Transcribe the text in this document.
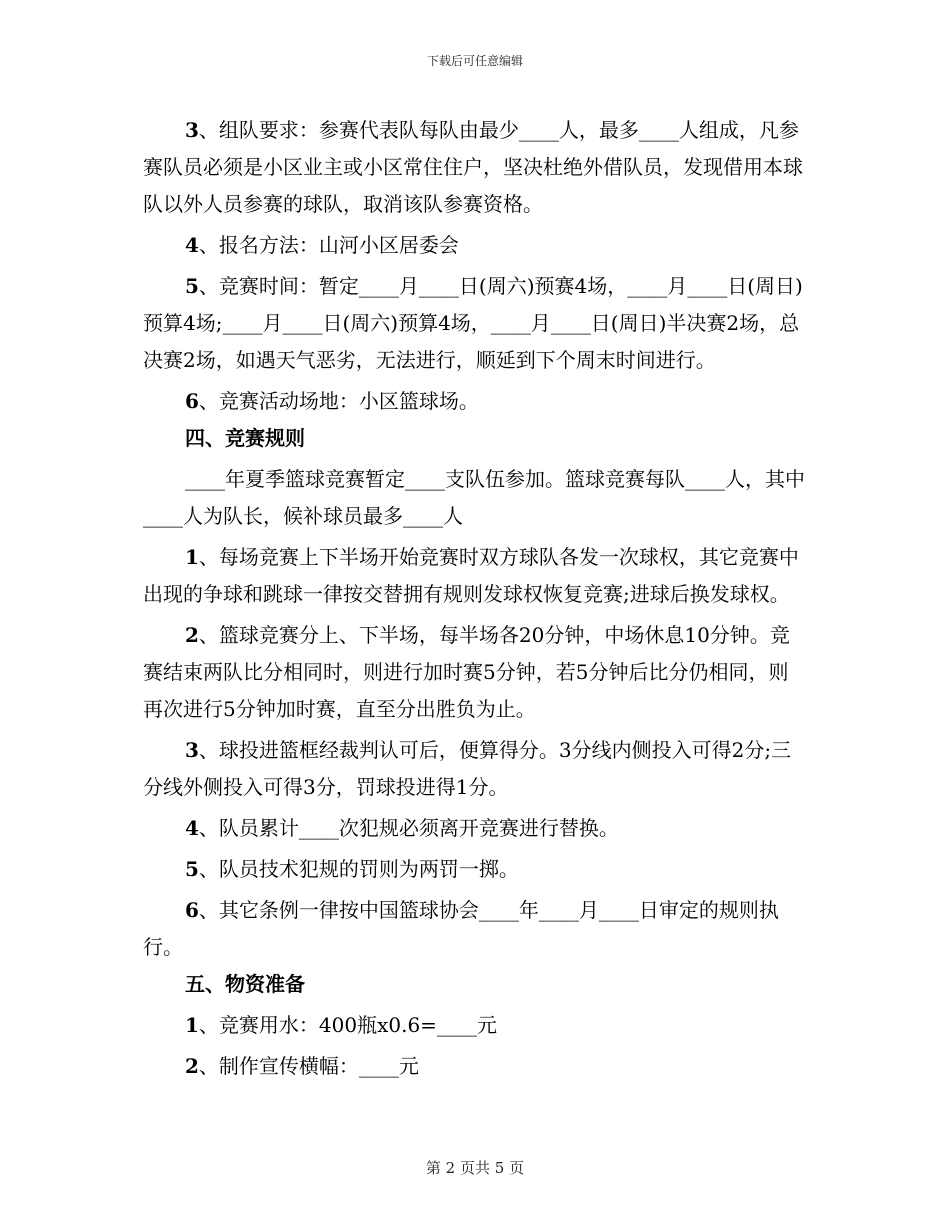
下载后可任意编辑

3、组队要求：参赛代表队每队由最少____人，最多____人组成，凡参赛队员必须是小区业主或小区常住住户，坚决杜绝外借队员，发现借用本球队以外人员参赛的球队，取消该队参赛资格。

4、报名方法：山河小区居委会

5、竞赛时间：暂定____月____日(周六)预赛4场，____月____日(周日)预算4场;____月____日(周六)预算4场，____月____日(周日)半决赛2场，总决赛2场，如遇天气恶劣，无法进行，顺延到下个周末时间进行。

6、竞赛活动场地：小区篮球场。

四、竞赛规则

____年夏季篮球竞赛暂定____支队伍参加。篮球竞赛每队____人，其中____人为队长，候补球员最多____人

1、每场竞赛上下半场开始竞赛时双方球队各发一次球权，其它竞赛中出现的争球和跳球一律按交替拥有规则发球权恢复竞赛;进球后换发球权。

2、篮球竞赛分上、下半场，每半场各20分钟，中场休息10分钟。竞赛结束两队比分相同时，则进行加时赛5分钟，若5分钟后比分仍相同，则再次进行5分钟加时赛，直至分出胜负为止。

3、球投进篮框经裁判认可后，便算得分。3分线内侧投入可得2分;三分线外侧投入可得3分，罚球投进得1分。

4、队员累计____次犯规必须离开竞赛进行替换。

5、队员技术犯规的罚则为两罚一掷。

6、其它条例一律按中国篮球协会____年____月____日审定的规则执行。

五、物资准备

1、竞赛用水：400瓶x0.6=____元

2、制作宣传横幅：____元

第 2 页共 5 页
